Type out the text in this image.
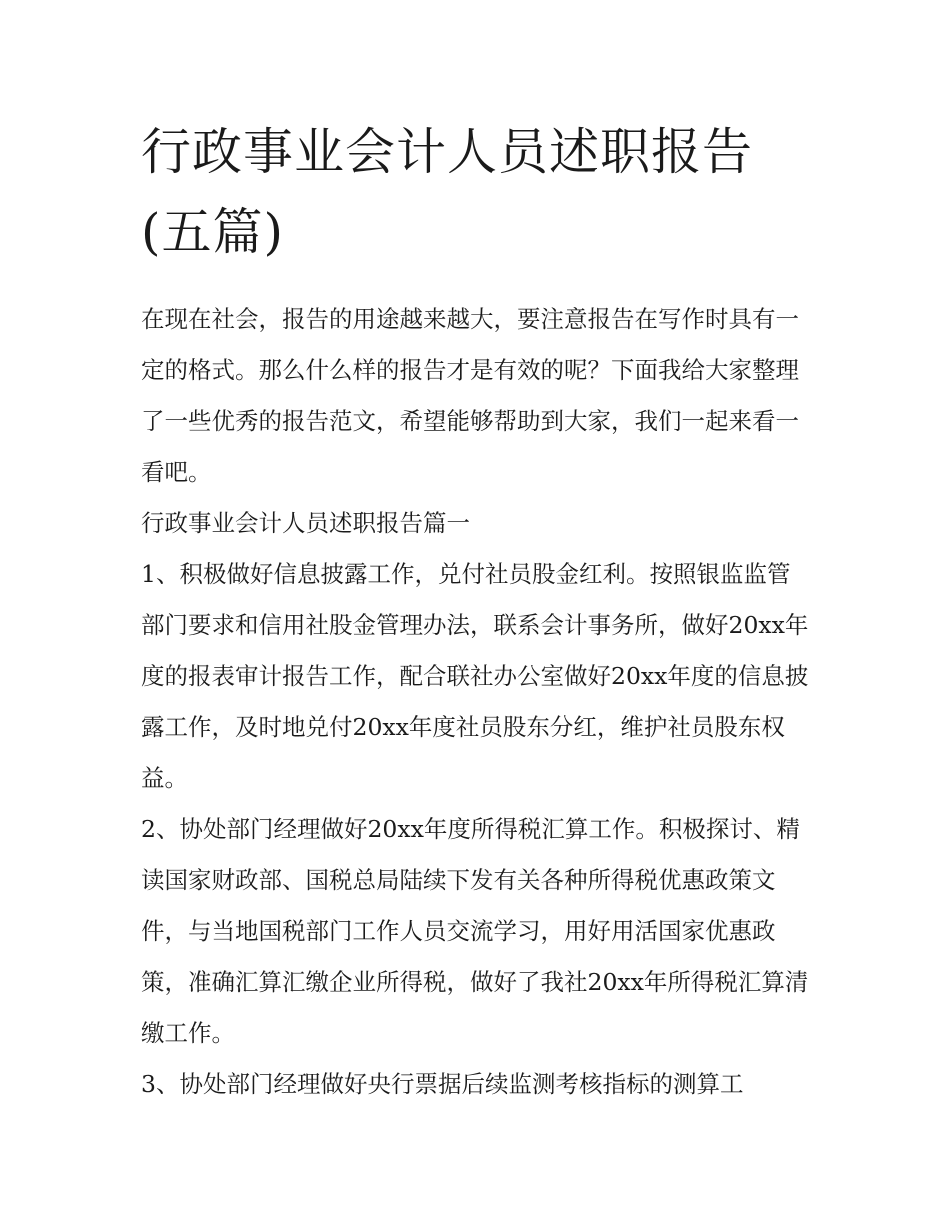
行政事业会计人员述职报告(五篇)

在现在社会，报告的用途越来越大，要注意报告在写作时具有一定的格式。那么什么样的报告才是有效的呢？下面我给大家整理了一些优秀的报告范文，希望能够帮助到大家，我们一起来看一看吧。

行政事业会计人员述职报告篇一

1、积极做好信息披露工作，兑付社员股金红利。按照银监监管部门要求和信用社股金管理办法，联系会计事务所，做好20xx年度的报表审计报告工作，配合联社办公室做好20xx年度的信息披露工作，及时地兑付20xx年度社员股东分红，维护社员股东权益。

2、协处部门经理做好20xx年度所得税汇算工作。积极探讨、精读国家财政部、国税总局陆续下发有关各种所得税优惠政策文件，与当地国税部门工作人员交流学习，用好用活国家优惠政策，准确汇算汇缴企业所得税，做好了我社20xx年所得税汇算清缴工作。

3、协处部门经理做好央行票据后续监测考核指标的测算工
